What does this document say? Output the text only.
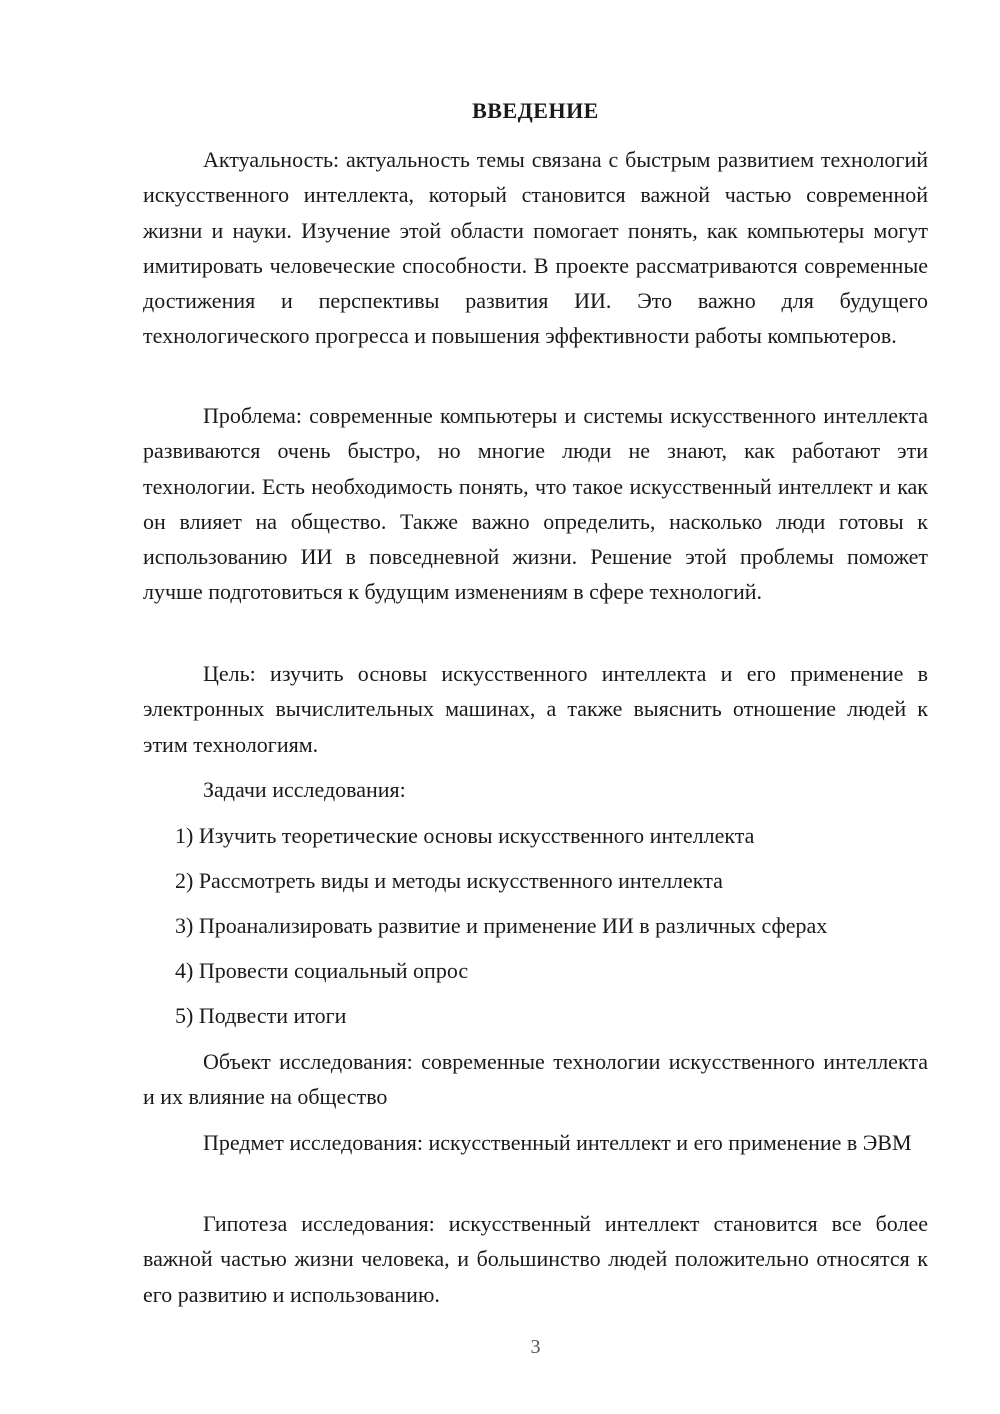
ВВЕДЕНИЕ

Актуальность: актуальность темы связана с быстрым развитием технологий искусственного интеллекта, который становится важной частью современной жизни и науки. Изучение этой области помогает понять, как компьютеры могут имитировать человеческие способности. В проекте рассматриваются современные достижения и перспективы развития ИИ. Это важно для будущего технологического прогресса и повышения эффективности работы компьютеров.

Проблема: современные компьютеры и системы искусственного интеллекта развиваются очень быстро, но многие люди не знают, как работают эти технологии. Есть необходимость понять, что такое искусственный интеллект и как он влияет на общество. Также важно определить, насколько люди готовы к использованию ИИ в повседневной жизни. Решение этой проблемы поможет лучше подготовиться к будущим изменениям в сфере технологий.

Цель: изучить основы искусственного интеллекта и его применение в электронных вычислительных машинах, а также выяснить отношение людей к этим технологиям.

Задачи исследования:

1) Изучить теоретические основы искусственного интеллекта

2) Рассмотреть виды и методы искусственного интеллекта

3) Проанализировать развитие и применение ИИ в различных сферах

4) Провести социальный опрос

5) Подвести итоги

Объект исследования: современные технологии искусственного интеллекта и их влияние на общество

Предмет исследования: искусственный интеллект и его применение в ЭВМ

Гипотеза исследования: искусственный интеллект становится все более важной частью жизни человека, и большинство людей положительно относятся к его развитию и использованию.

3
